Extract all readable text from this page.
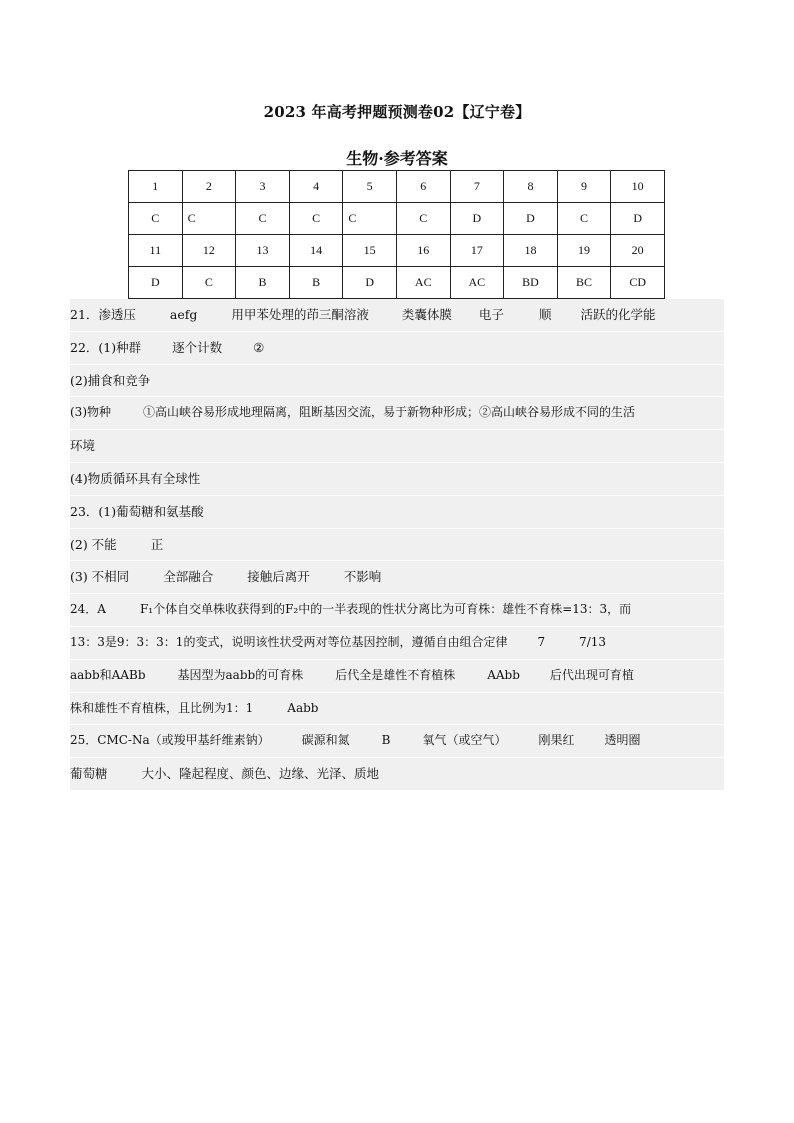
2023 年高考押题预测卷02【辽宁卷】
生物·参考答案
1	2	3	4	5	6	7	8	9	10
C	C	C	C	C	C	D	D	C	D
11	12	13	14	15	16	17	18	19	20
D	C	B	B	D	AC	AC	BD	BC	CD
21．渗透压	aefg	用甲苯处理的茚三酮溶液	类囊体膜 电子	顺 活跃的化学能
22．(1)种群 逐个计数 ②
(2)捕食和竞争
(3)物种	①高山峡谷易形成地理隔离，阻断基因交流，易于新物种形成；②高山峡谷易形成不同的生活
环境
(4)物质循环具有全球性
23．(1)葡萄糖和氨基酸
(2) 不能	正
(3) 不相同	全部融合	接触后离开	不影响
24．A	F₁个体自交单株收获得到的F₂中的一半表现的性状分离比为可育株：雄性不育株=13：3，而
13：3是9：3：3：1的变式，说明该性状受两对等位基因控制，遵循自由组合定律	7	7/13
aabb和AABb	基因型为aabb的可育株	后代全是雄性不育植株	AAbb	后代出现可育植
株和雄性不育植株，且比例为1：1	Aabb
25．CMC-Na（或羧甲基纤维素钠）	碳源和氮	B	氧气（或空气）	刚果红	透明圈
葡萄糖	大小、隆起程度、颜色、边缘、光泽、质地
